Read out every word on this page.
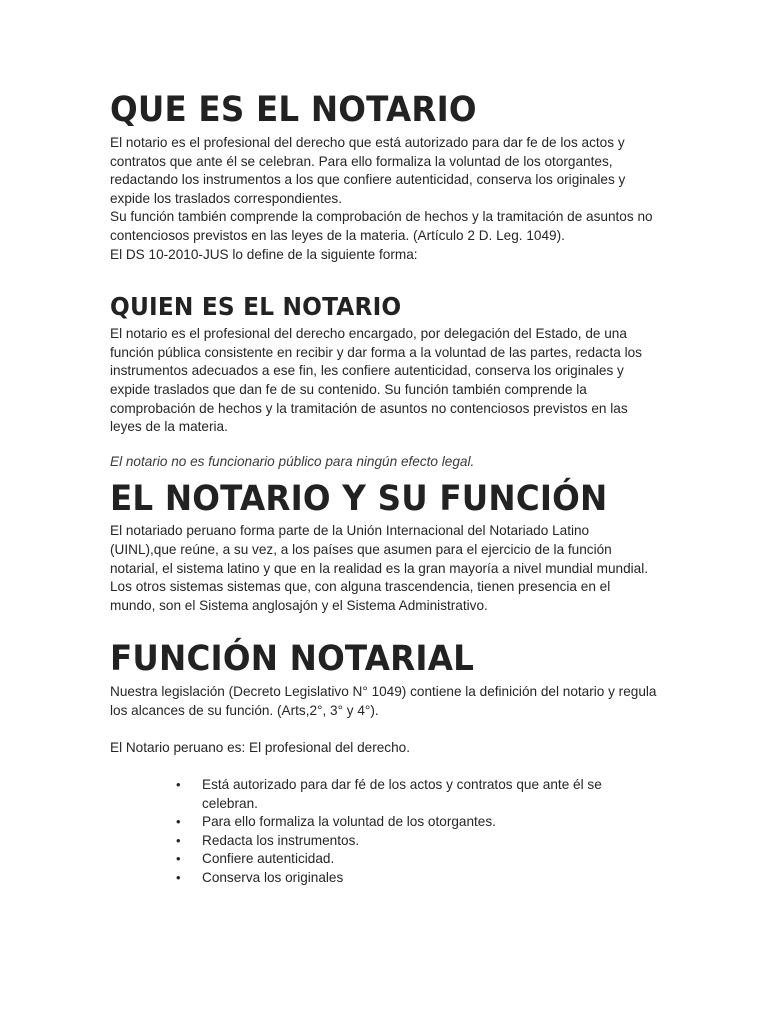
QUE ES EL NOTARIO

El notario es el profesional del derecho que está autorizado para dar fe de los actos y contratos que ante él se celebran. Para ello formaliza la voluntad de los otorgantes, redactando los instrumentos a los que confiere autenticidad, conserva los originales y expide los traslados correspondientes.

Su función también comprende la comprobación de hechos y la tramitación de asuntos no contenciosos previstos en las leyes de la materia. (Artículo 2 D. Leg. 1049).

El DS 10-2010-JUS lo define de la siguiente forma:

QUIEN ES EL NOTARIO

El notario es el profesional del derecho encargado, por delegación del Estado, de una función pública consistente en recibir y dar forma a la voluntad de las partes, redacta los instrumentos adecuados a ese fin, les confiere autenticidad, conserva los originales y expide traslados que dan fe de su contenido. Su función también comprende la comprobación de hechos y la tramitación de asuntos no contenciosos previstos en las leyes de la materia.

El notario no es funcionario público para ningún efecto legal.

EL NOTARIO Y SU FUNCIÓN

El notariado peruano forma parte de la Unión Internacional del Notariado Latino (UINL),que reúne, a su vez, a los países que asumen para el ejercicio de la función notarial, el sistema latino y que en la realidad es la gran mayoría a nivel mundial mundial. Los otros sistemas sistemas que, con alguna trascendencia, tienen presencia en el mundo, son el Sistema anglosajón y el Sistema Administrativo.

FUNCIÓN NOTARIAL

Nuestra legislación (Decreto Legislativo N° 1049) contiene la definición del notario y regula los alcances de su función. (Arts,2°, 3° y 4°).

El Notario peruano es: El profesional del derecho.

• Está autorizado para dar fé de los actos y contratos que ante él se celebran.
• Para ello formaliza la voluntad de los otorgantes.
• Redacta los instrumentos.
• Confiere autenticidad.
• Conserva los originales
